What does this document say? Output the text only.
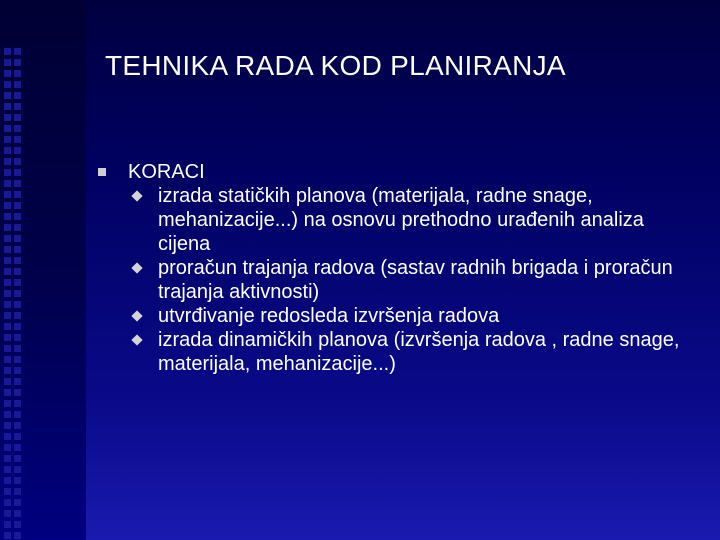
TEHNIKA RADA KOD PLANIRANJA
KORACI
izrada statičkih planova (materijala, radne snage, mehanizacije...) na osnovu prethodno urađenih analiza cijena
proračun trajanja radova (sastav radnih brigada i proračun trajanja aktivnosti)
utvrđivanje redosleda izvršenja radova
izrada dinamičkih planova (izvršenja radova , radne snage, materijala, mehanizacije...)
